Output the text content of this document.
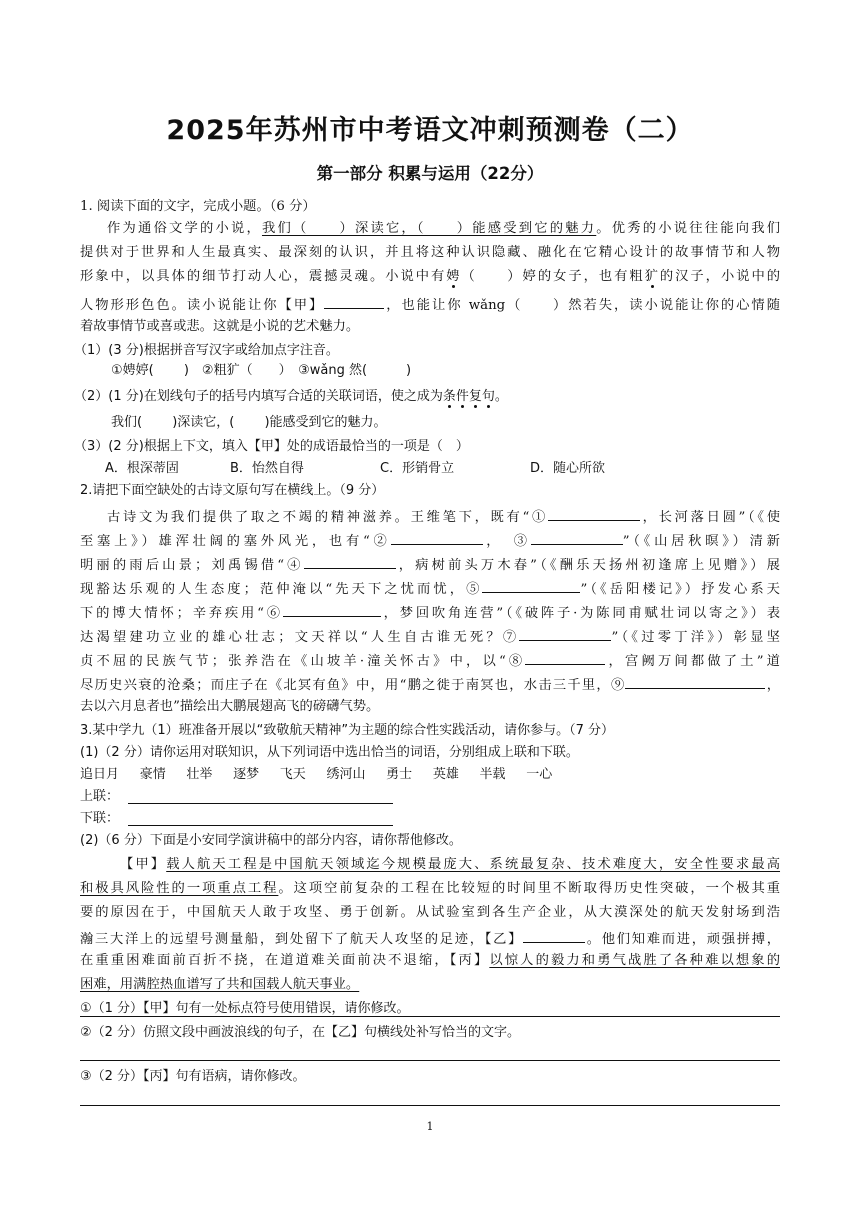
2025年苏州市中考语文冲刺预测卷（二）
第一部分 积累与运用（22分）
1. 阅读下面的文字，完成小题。（6 分）
作为通俗文学的小说，我们（　　）深读它，（　　）能感受到它的魅力。优秀的小说往往能向我们
提供对于世界和人生最真实、最深刻的认识，并且将这种认识隐藏、融化在它精心设计的故事情节和人物
形象中，以具体的细节打动人心，震撼灵魂。小说中有娉（　　）婷的女子，也有粗犷的汉子，小说中的
人物形形色色。读小说能让你【甲】	，也能让你 wǎng（　　）然若失，读小说能让你的心情随
着故事情节或喜或悲。这就是小说的艺术魅力。
（1）(3 分)根据拼音写汉字或给加点字注音。
①娉婷(　　 )　②粗犷（　　）　③wǎng 然(　　　)
（2）(1 分)在划线句子的括号内填写合适的关联词语，使之成为条件复句。
我们(　　 )深读它，(　　 )能感受到它的魅力。
（3）(2 分)根据上下文，填入【甲】处的成语最恰当的一项是（　）
A．根深蒂固	B．怡然自得	C．形销骨立	D．随心所欲
2.请把下面空缺处的古诗文原句写在横线上。（9 分）
古诗文为我们提供了取之不竭的精神滋养。王维笔下，既有“①	，长河落日圆”（《使
至塞上》）雄浑壮阔的塞外风光，也有“②	，　③	”（《山居秋暝》）清新
明丽的雨后山景；刘禹锡借“④	，病树前头万木春”（《酬乐天扬州初逢席上见赠》）展
现豁达乐观的人生态度；范仲淹以“先天下之忧而忧，⑤	”（《岳阳楼记》）抒发心系天
下的博大情怀；辛弃疾用“⑥	，梦回吹角连营”（《破阵子·为陈同甫赋壮词以寄之》）表
达渴望建功立业的雄心壮志；文天祥以“人生自古谁无死？⑦	”（《过零丁洋》）彰显坚
贞不屈的民族气节；张养浩在《山坡羊·潼关怀古》中，以“⑧	，宫阙万间都做了土”道
尽历史兴衰的沧桑；而庄子在《北冥有鱼》中，用“鹏之徙于南冥也，水击三千里，⑨	，
去以六月息者也”描绘出大鹏展翅高飞的磅礴气势。
3.某中学九（1）班准备开展以“致敬航天精神”为主题的综合性实践活动，请你参与。（7 分）
(1)（2 分）请你运用对联知识，从下列词语中选出恰当的词语，分别组成上联和下联。
追日月 豪情 壮举 逐梦 飞天 绣河山 勇士 英雄 半载 一心
上联：
下联：
(2)（6 分）下面是小安同学演讲稿中的部分内容，请你帮他修改。
【甲】载人航天工程是中国航天领域迄今规模最庞大、系统最复杂、技术难度大，安全性要求最高
和极具风险性的一项重点工程。这项空前复杂的工程在比较短的时间里不断取得历史性突破，一个极其重
要的原因在于，中国航天人敢于攻坚、勇于创新。从试验室到各生产企业，从大漠深处的航天发射场到浩
瀚三大洋上的远望号测量船，到处留下了航天人攻坚的足迹，【乙】	。他们知难而进，顽强拼搏，
在重重困难面前百折不挠，在道道难关面前决不退缩，【丙】以惊人的毅力和勇气战胜了各种难以想象的
困难，用满腔热血谱写了共和国载人航天事业。
①（1 分）【甲】句有一处标点符号使用错误，请你修改。
②（2 分）仿照文段中画波浪线的句子，在【乙】句横线处补写恰当的文字。
③（2 分）【丙】句有语病，请你修改。
1
